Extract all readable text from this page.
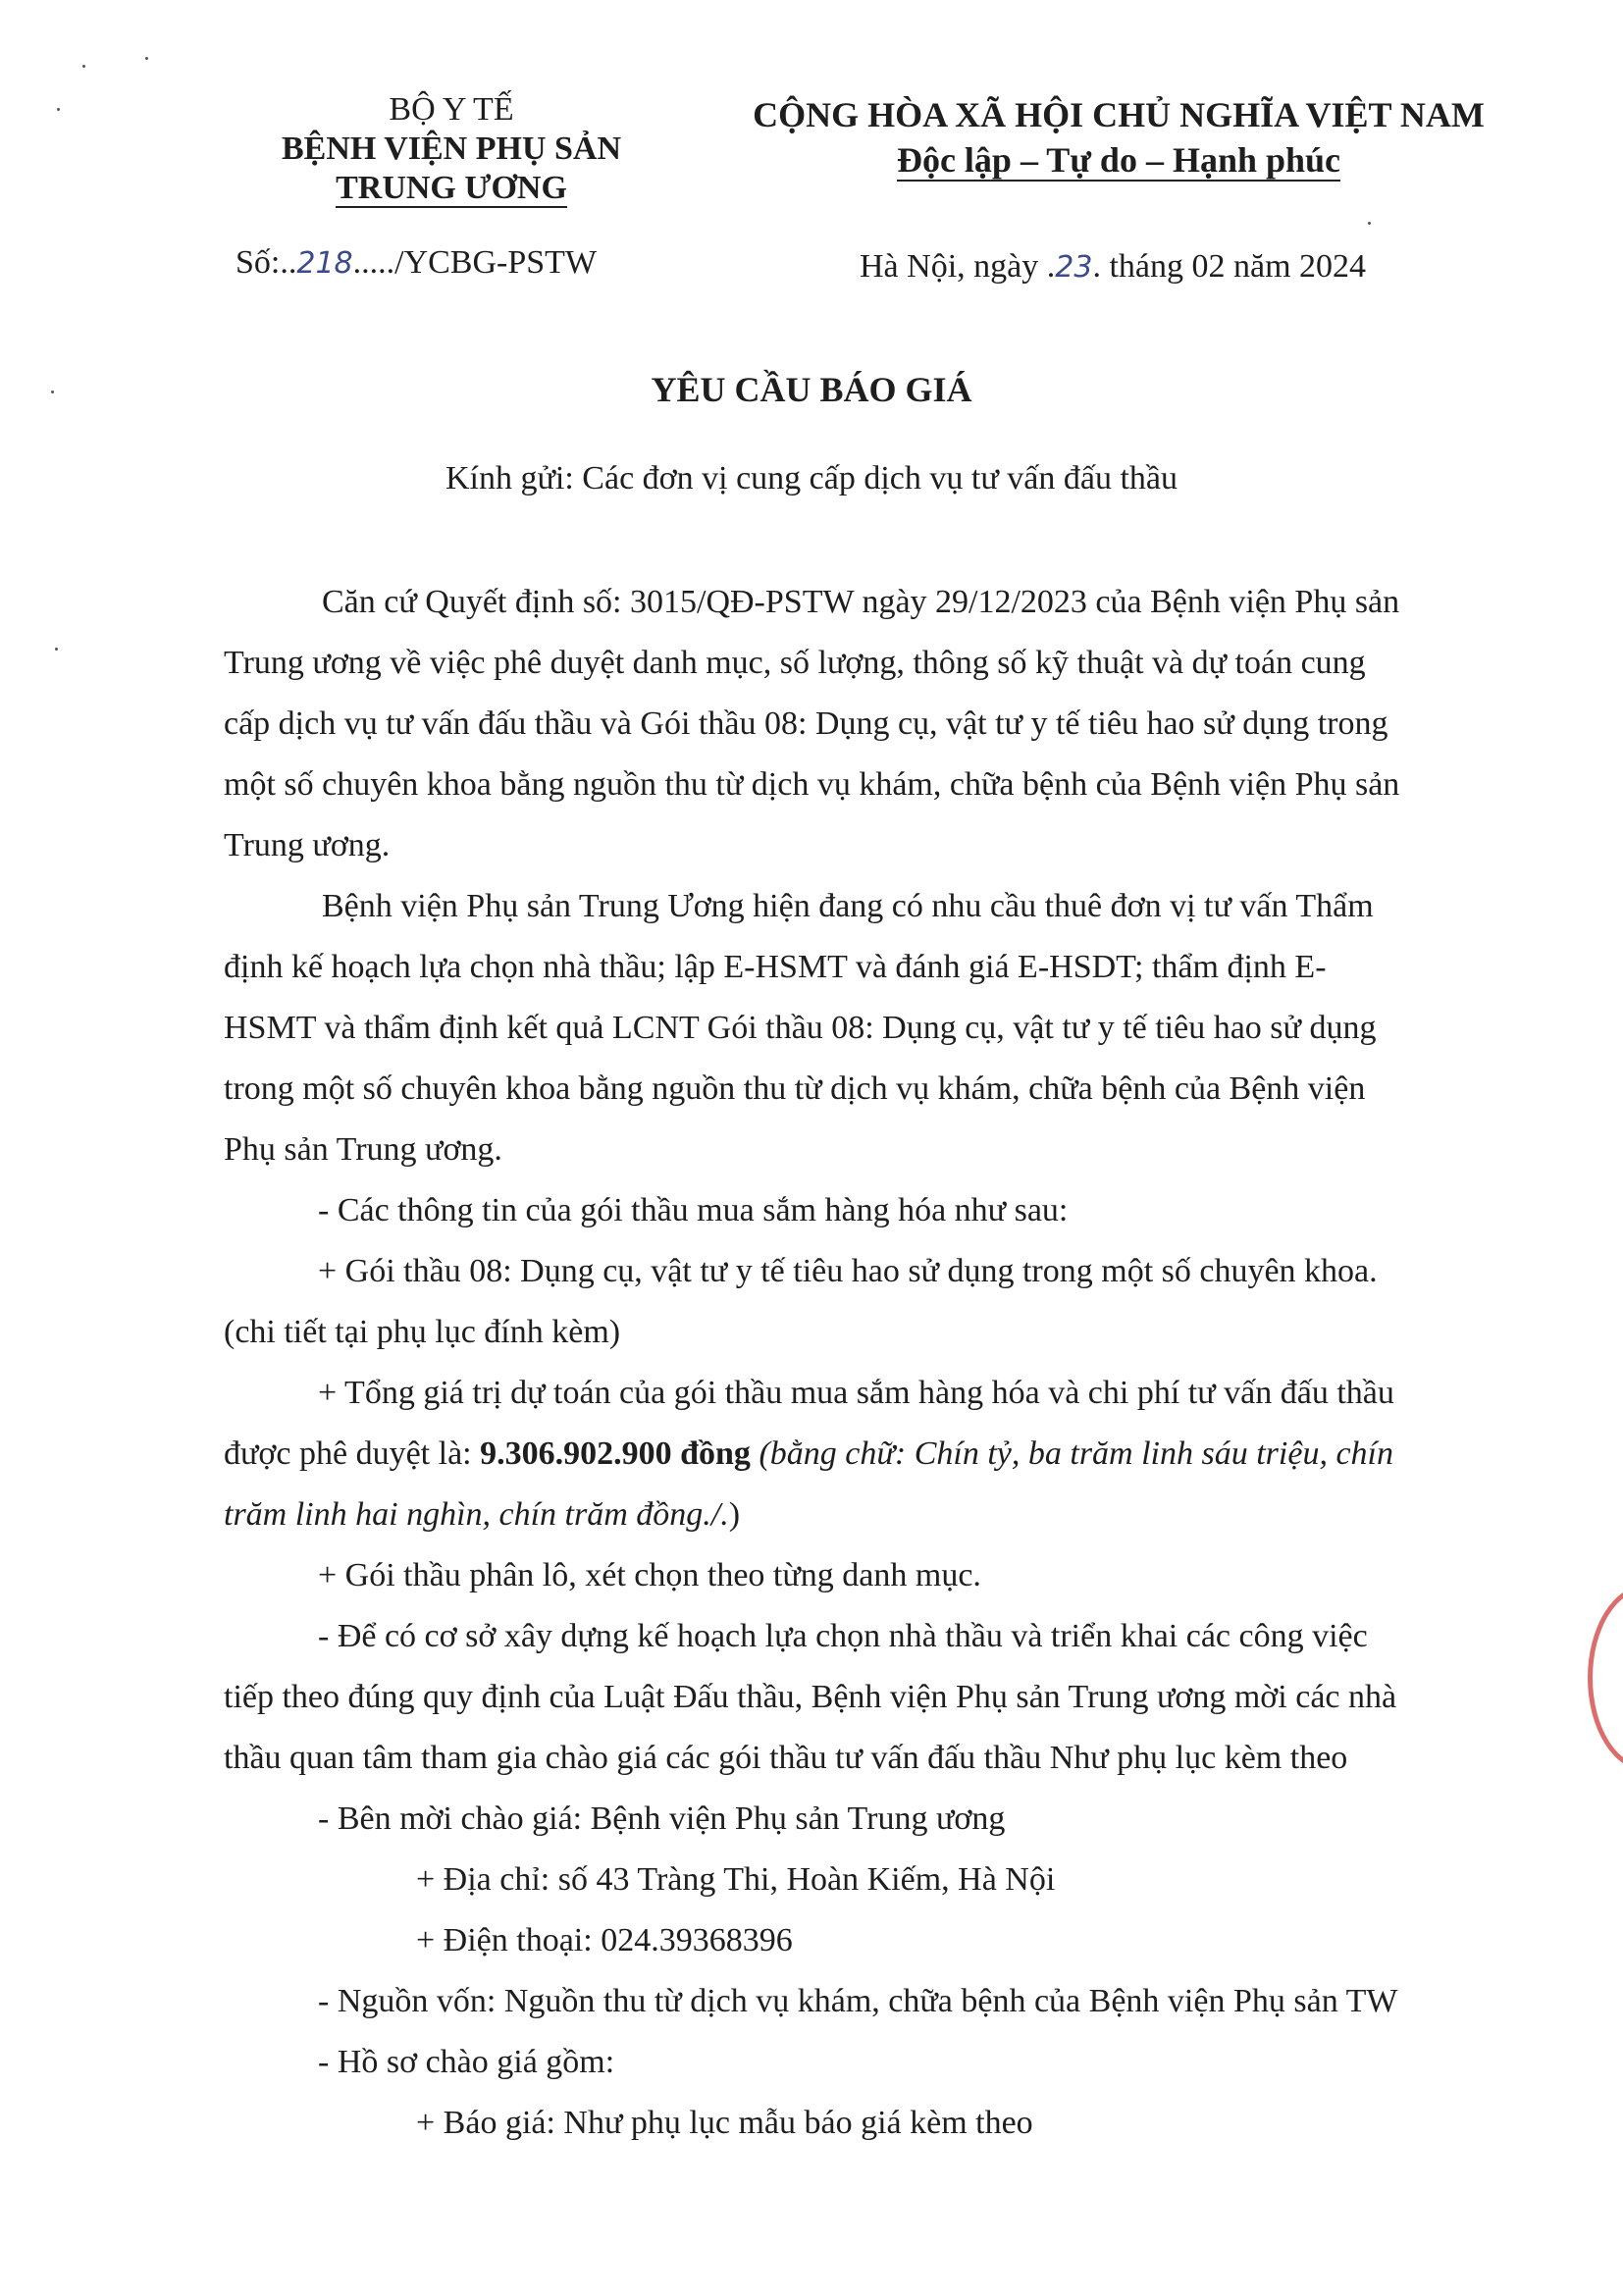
BỘ Y TẾ
BỆNH VIỆN PHỤ SẢN
TRUNG ƯƠNG
CỘNG HÒA XÃ HỘI CHỦ NGHĨA VIỆT NAM
Độc lập – Tự do – Hạnh phúc
Số:..218...../YCBG-PSTW	Hà Nội, ngày .23. tháng 02 năm 2024
YÊU CẦU BÁO GIÁ
Kính gửi: Các đơn vị cung cấp dịch vụ tư vấn đấu thầu
Căn cứ Quyết định số: 3015/QĐ-PSTW ngày 29/12/2023 của Bệnh viện Phụ sản
Trung ương về việc phê duyệt danh mục, số lượng, thông số kỹ thuật và dự toán cung
cấp dịch vụ tư vấn đấu thầu và Gói thầu 08: Dụng cụ, vật tư y tế tiêu hao sử dụng trong
một số chuyên khoa bằng nguồn thu từ dịch vụ khám, chữa bệnh của Bệnh viện Phụ sản
Trung ương.
Bệnh viện Phụ sản Trung Ương hiện đang có nhu cầu thuê đơn vị tư vấn Thẩm
định kế hoạch lựa chọn nhà thầu; lập E-HSMT và đánh giá E-HSDT; thẩm định E-
HSMT và thẩm định kết quả LCNT Gói thầu 08: Dụng cụ, vật tư y tế tiêu hao sử dụng
trong một số chuyên khoa bằng nguồn thu từ dịch vụ khám, chữa bệnh của Bệnh viện
Phụ sản Trung ương.
- Các thông tin của gói thầu mua sắm hàng hóa như sau:
+ Gói thầu 08: Dụng cụ, vật tư y tế tiêu hao sử dụng trong một số chuyên khoa.
(chi tiết tại phụ lục đính kèm)
+ Tổng giá trị dự toán của gói thầu mua sắm hàng hóa và chi phí tư vấn đấu thầu
được phê duyệt là: 9.306.902.900 đồng (bằng chữ: Chín tỷ, ba trăm linh sáu triệu, chín
trăm linh hai nghìn, chín trăm đồng./.)
+ Gói thầu phân lô, xét chọn theo từng danh mục.
- Để có cơ sở xây dựng kế hoạch lựa chọn nhà thầu và triển khai các công việc
tiếp theo đúng quy định của Luật Đấu thầu, Bệnh viện Phụ sản Trung ương mời các nhà
thầu quan tâm tham gia chào giá các gói thầu tư vấn đấu thầu Như phụ lục kèm theo
- Bên mời chào giá: Bệnh viện Phụ sản Trung ương
+ Địa chỉ: số 43 Tràng Thi, Hoàn Kiếm, Hà Nội
+ Điện thoại: 024.39368396
- Nguồn vốn: Nguồn thu từ dịch vụ khám, chữa bệnh của Bệnh viện Phụ sản TW
- Hồ sơ chào giá gồm:
+ Báo giá: Như phụ lục mẫu báo giá kèm theo
